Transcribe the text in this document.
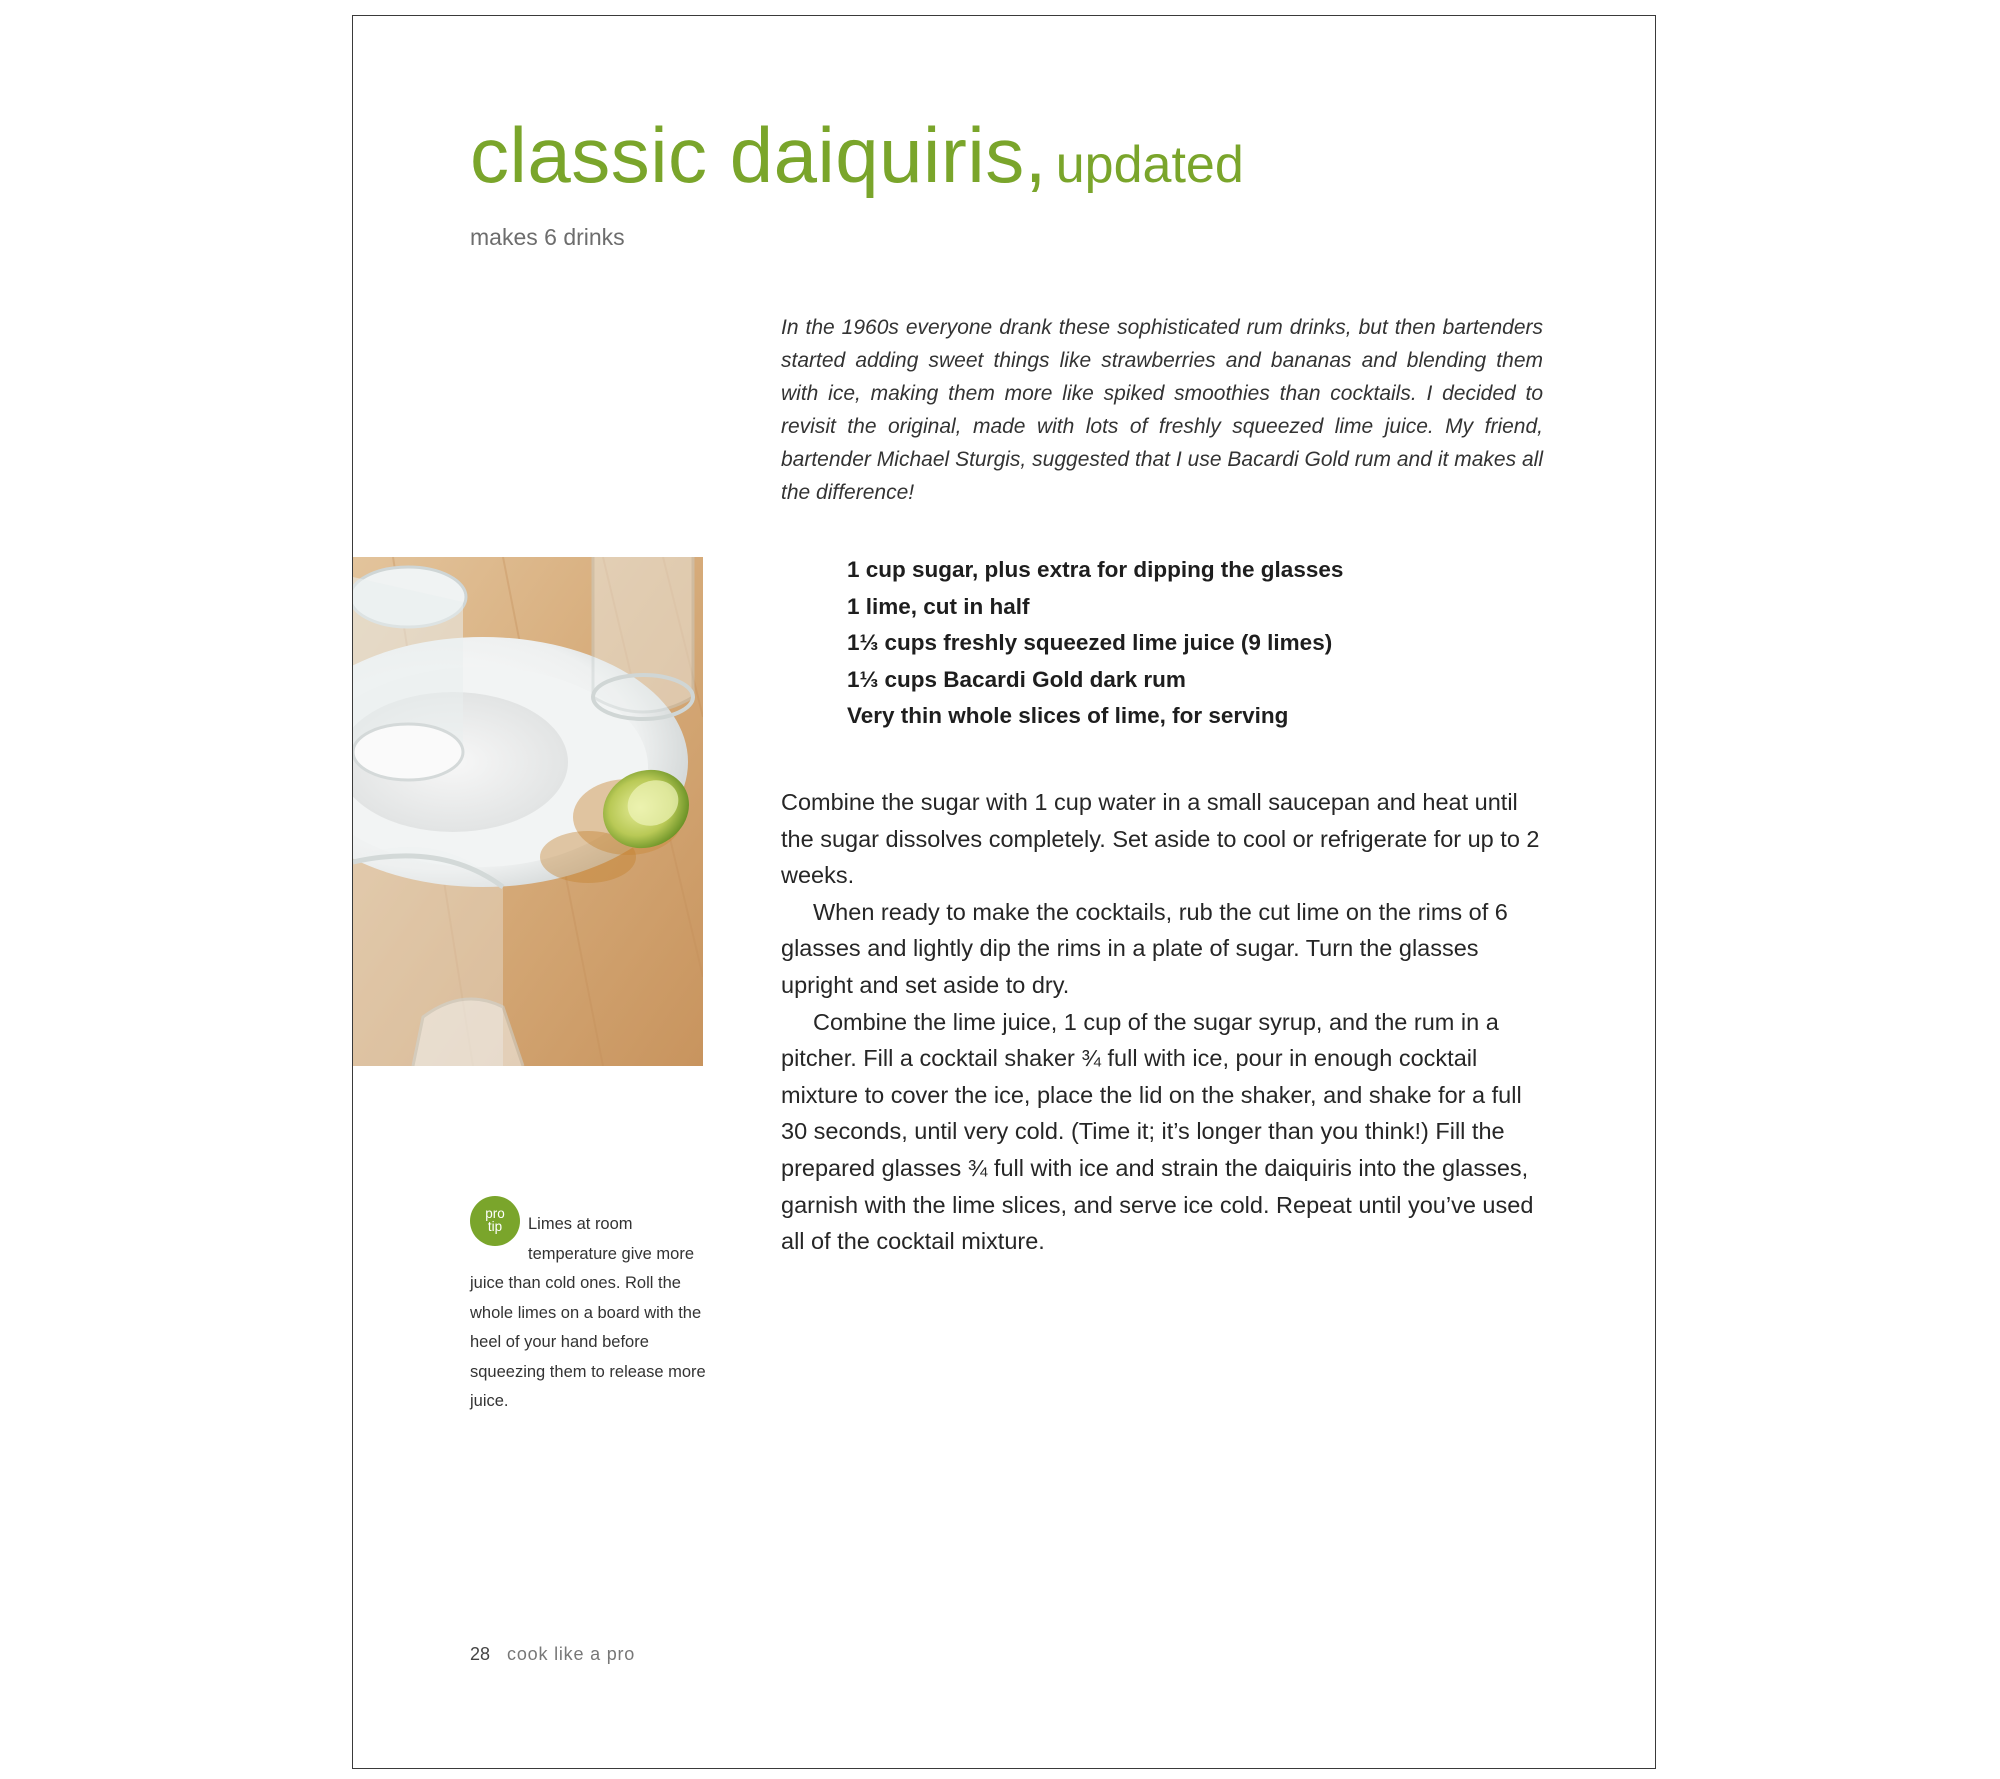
classic daiquiris, updated
makes 6 drinks

In the 1960s everyone drank these sophisticated rum drinks, but then bartenders started adding sweet things like strawberries and bananas and blending them with ice, making them more like spiked smoothies than cocktails. I decided to revisit the original, made with lots of freshly squeezed lime juice. My friend, bartender Michael Sturgis, suggested that I use Bacardi Gold rum and it makes all the difference!

1 cup sugar, plus extra for dipping the glasses
1 lime, cut in half
1⅓ cups freshly squeezed lime juice (9 limes)
1⅓ cups Bacardi Gold dark rum
Very thin whole slices of lime, for serving

Combine the sugar with 1 cup water in a small saucepan and heat until the sugar dissolves completely. Set aside to cool or refrigerate for up to 2 weeks.

When ready to make the cocktails, rub the cut lime on the rims of 6 glasses and lightly dip the rims in a plate of sugar. Turn the glasses upright and set aside to dry.

Combine the lime juice, 1 cup of the sugar syrup, and the rum in a pitcher. Fill a cocktail shaker ¾ full with ice, pour in enough cocktail mixture to cover the ice, place the lid on the shaker, and shake for a full 30 seconds, until very cold. (Time it; it’s longer than you think!) Fill the prepared glasses ¾ full with ice and strain the daiquiris into the glasses, garnish with the lime slices, and serve ice cold. Repeat until you’ve used all of the cocktail mixture.

pro
tip	Limes at room temperature give more juice than cold ones. Roll the whole limes on a board with the heel of your hand before squeezing them to release more juice.
28 cook like a pro
